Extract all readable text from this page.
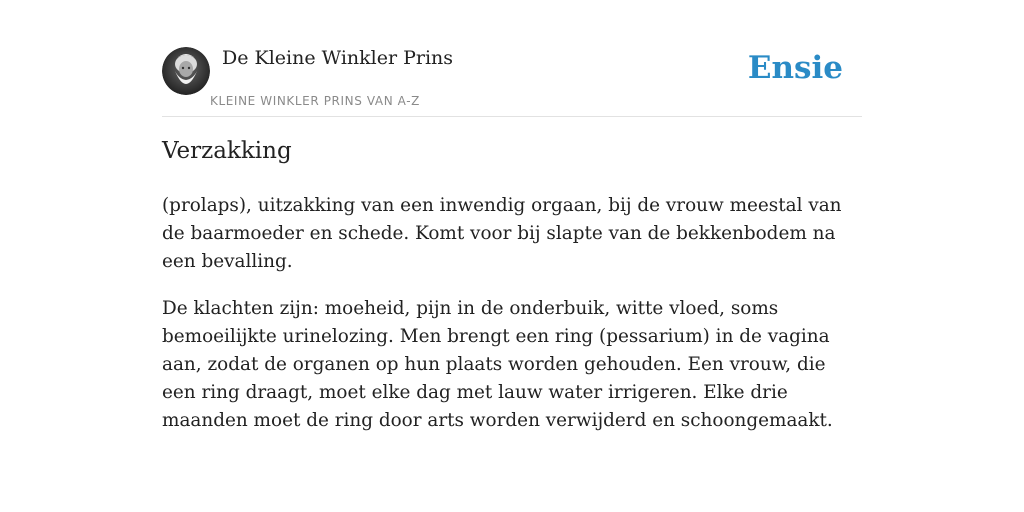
De Kleine Winkler Prins
KLEINE WINKLER PRINS VAN A-Z
Ensie
Verzakking

(prolaps), uitzakking van een inwendig orgaan, bij de vrouw meestal van de baarmoeder en schede. Komt voor bij slapte van de bekkenbodem na een bevalling.

De klachten zijn: moeheid, pijn in de onderbuik, witte vloed, soms bemoeilijkte urinelozing. Men brengt een ring (pessarium) in de vagina aan, zodat de organen op hun plaats worden gehouden. Een vrouw, die een ring draagt, moet elke dag met lauw water irrigeren. Elke drie maanden moet de ring door arts worden verwijderd en schoongemaakt.
